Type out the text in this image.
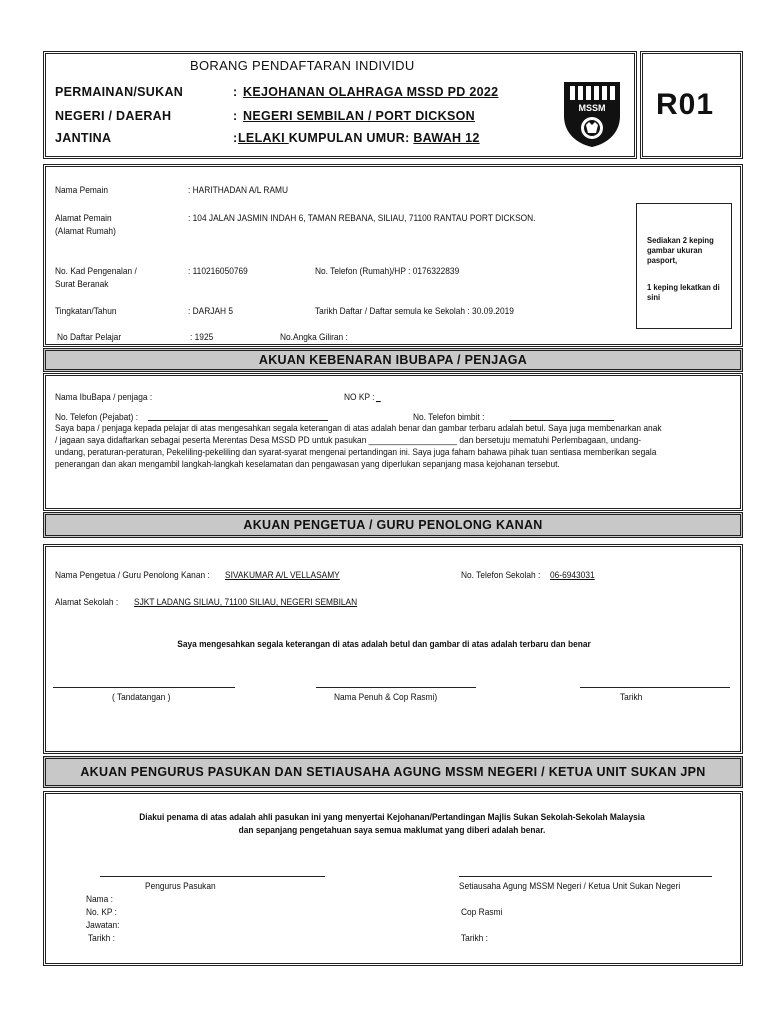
BORANG PENDAFTARAN INDIVIDU
PERMAINAN/SUKAN	: KEJOHANAN OLAHRAGA MSSD PD 2022
NEGERI / DAERAH	: NEGERI SEMBILAN / PORT DICKSON
JANTINA	: LELAKI KUMPULAN UMUR: BAWAH 12
MSSM R01
Nama Pemain	: HARITHADAN A/L RAMU
Alamat Pemain
(Alamat Rumah)
: 104 JALAN JASMIN INDAH 6, TAMAN REBANA, SILIAU, 71100 RANTAU PORT DICKSON.
No. Kad Pengenalan /
Surat Beranak
: 110216050769	No. Telefon (Rumah)/HP : 0176322839
Tingkatan/Tahun	: DARJAH 5	Tarikh Daftar / Daftar semula ke Sekolah : 30.09.2019
No Daftar Pelajar	: 1925	No.Angka Giliran :
Sediakan 2 keping gambar ukuran pasport,
1 keping lekatkan di sini
AKUAN KEBENARAN IBUBAPA / PENJAGA
Nama IbuBapa / penjaga :	NO KP : _
No. Telefon (Pejabat) :	No. Telefon bimbit :
Saya bapa / penjaga kepada pelajar di atas mengesahkan segala keterangan di atas adalah benar dan gambar terbaru adalah betul. Saya juga membenarkan anak
/ jagaan saya didaftarkan sebagai peserta Merentas Desa MSSD PD untuk pasukan ___________________ dan bersetuju mematuhi Perlembagaan, undang-
undang, peraturan-peraturan, Pekeliling-pekeliling dan syarat-syarat mengenai pertandingan ini. Saya juga faham bahawa pihak tuan sentiasa memberikan segala
penerangan dan akan mengambil langkah-langkah keselamatan dan pengawasan yang diperlukan sepanjang masa kejohanan tersebut.
AKUAN PENGETUA / GURU PENOLONG KANAN
Nama Pengetua / Guru Penolong Kanan : SIVAKUMAR A/L VELLASAMY	No. Telefon Sekolah : 06-6943031
Alamat Sekolah : SJKT LADANG SILIAU, 71100 SILIAU, NEGERI SEMBILAN
Saya mengesahkan segala keterangan di atas adalah betul dan gambar di atas adalah terbaru dan benar
( Tandatangan )	Nama Penuh & Cop Rasmi)	Tarikh
AKUAN PENGURUS PASUKAN DAN SETIAUSAHA AGUNG MSSM NEGERI / KETUA UNIT SUKAN JPN
Diakui penama di atas adalah ahli pasukan ini yang menyertai Kejohanan/Pertandingan Majlis Sukan Sekolah-Sekolah Malaysia
dan sepanjang pengetahuan saya semua maklumat yang diberi adalah benar.
Pengurus Pasukan
Nama :
No. KP :
Jawatan:
Tarikh :
Setiausaha Agung MSSM Negeri / Ketua Unit Sukan Negeri
Cop Rasmi
Tarikh :
